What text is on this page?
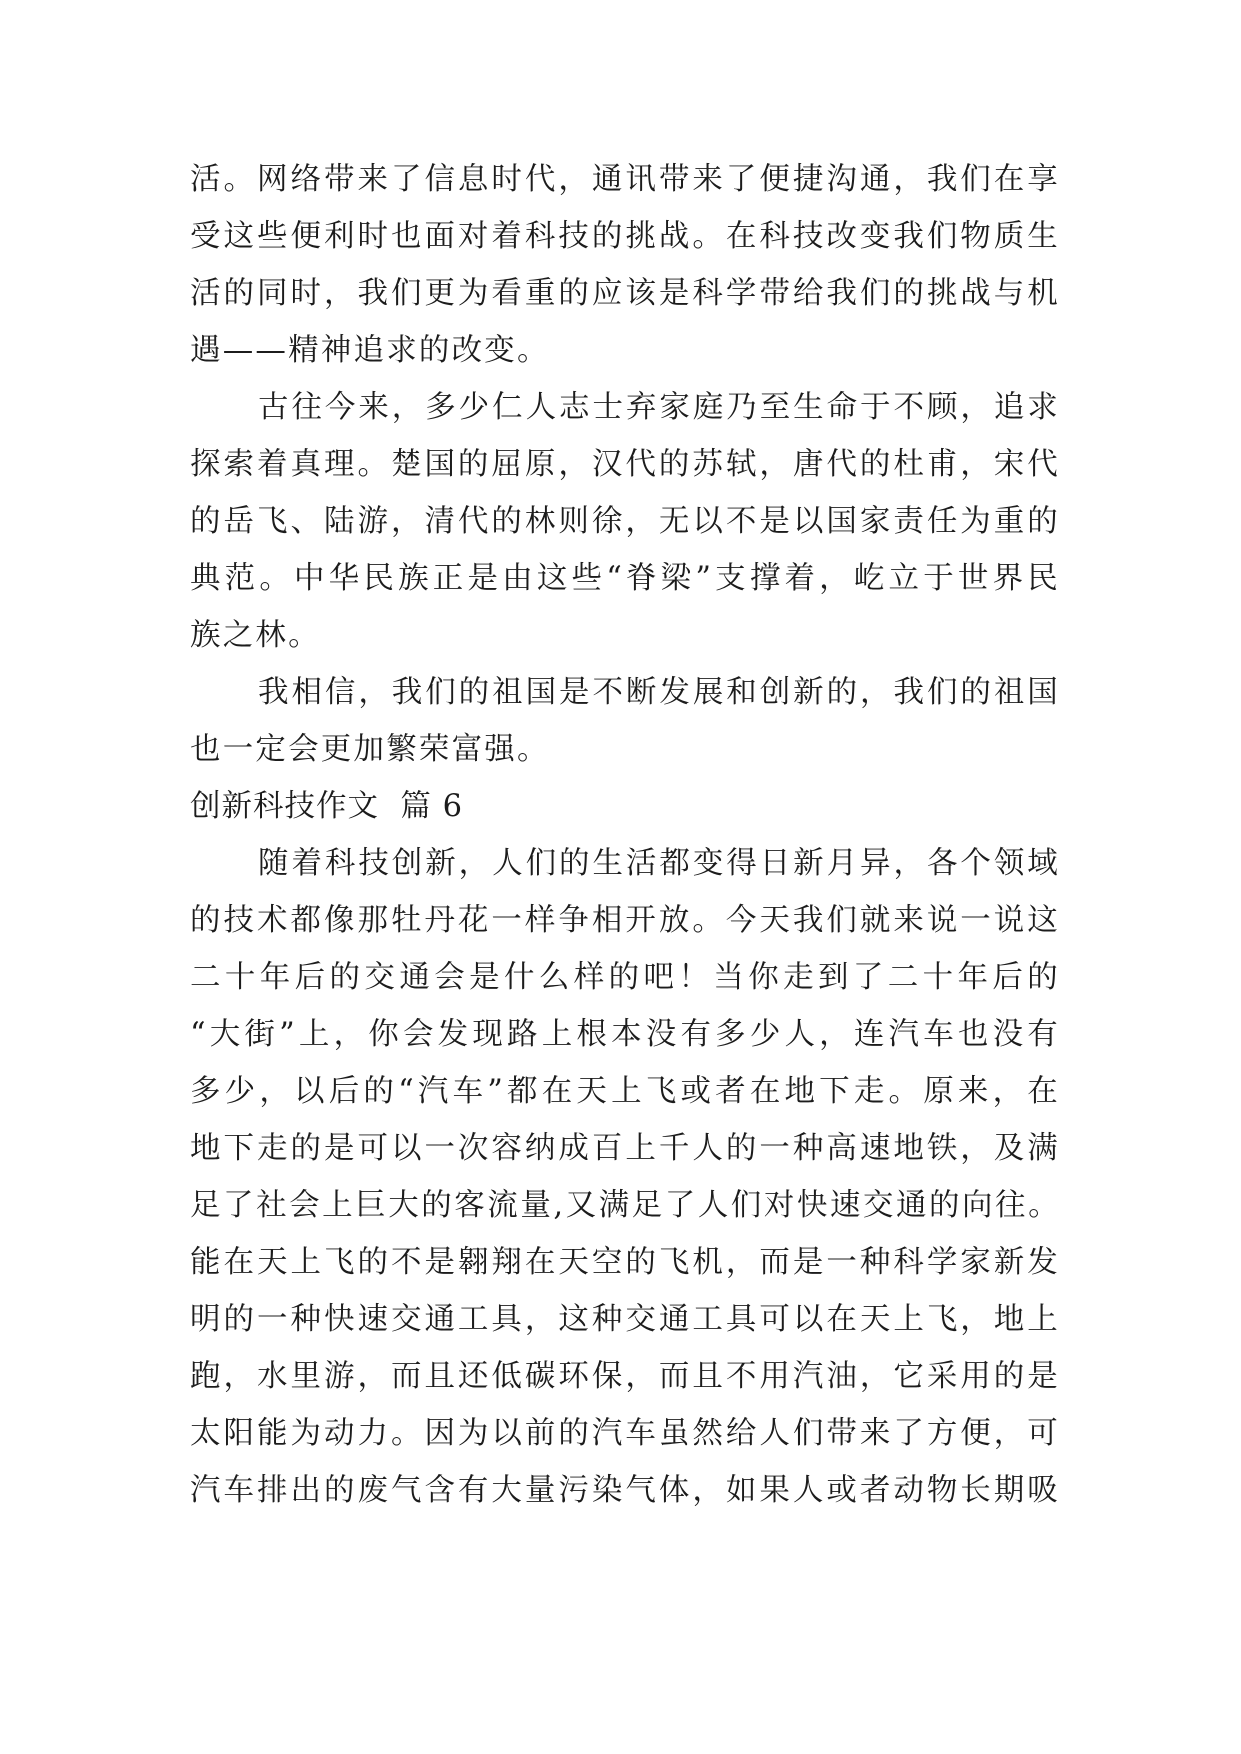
活。网络带来了信息时代，通讯带来了便捷沟通，我们在享
受这些便利时也面对着科技的挑战。在科技改变我们物质生
活的同时，我们更为看重的应该是科学带给我们的挑战与机
遇——精神追求的改变。
古往今来，多少仁人志士弃家庭乃至生命于不顾，追求
探索着真理。楚国的屈原，汉代的苏轼，唐代的杜甫，宋代
的岳飞、陆游，清代的林则徐，无以不是以国家责任为重的
典范。中华民族正是由这些“脊梁”支撑着，屹立于世界民
族之林。
我相信，我们的祖国是不断发展和创新的，我们的祖国
也一定会更加繁荣富强。
创新科技作文  篇 6
随着科技创新，人们的生活都变得日新月异，各个领域
的技术都像那牡丹花一样争相开放。今天我们就来说一说这
二十年后的交通会是什么样的吧！当你走到了二十年后的
“大街”上，你会发现路上根本没有多少人，连汽车也没有
多少，以后的“汽车”都在天上飞或者在地下走。原来，在
地下走的是可以一次容纳成百上千人的一种高速地铁，及满
足了社会上巨大的客流量,又满足了人们对快速交通的向往。
能在天上飞的不是翱翔在天空的飞机，而是一种科学家新发
明的一种快速交通工具，这种交通工具可以在天上飞，地上
跑，水里游，而且还低碳环保，而且不用汽油，它采用的是
太阳能为动力。因为以前的汽车虽然给人们带来了方便，可
汽车排出的废气含有大量污染气体，如果人或者动物长期吸
